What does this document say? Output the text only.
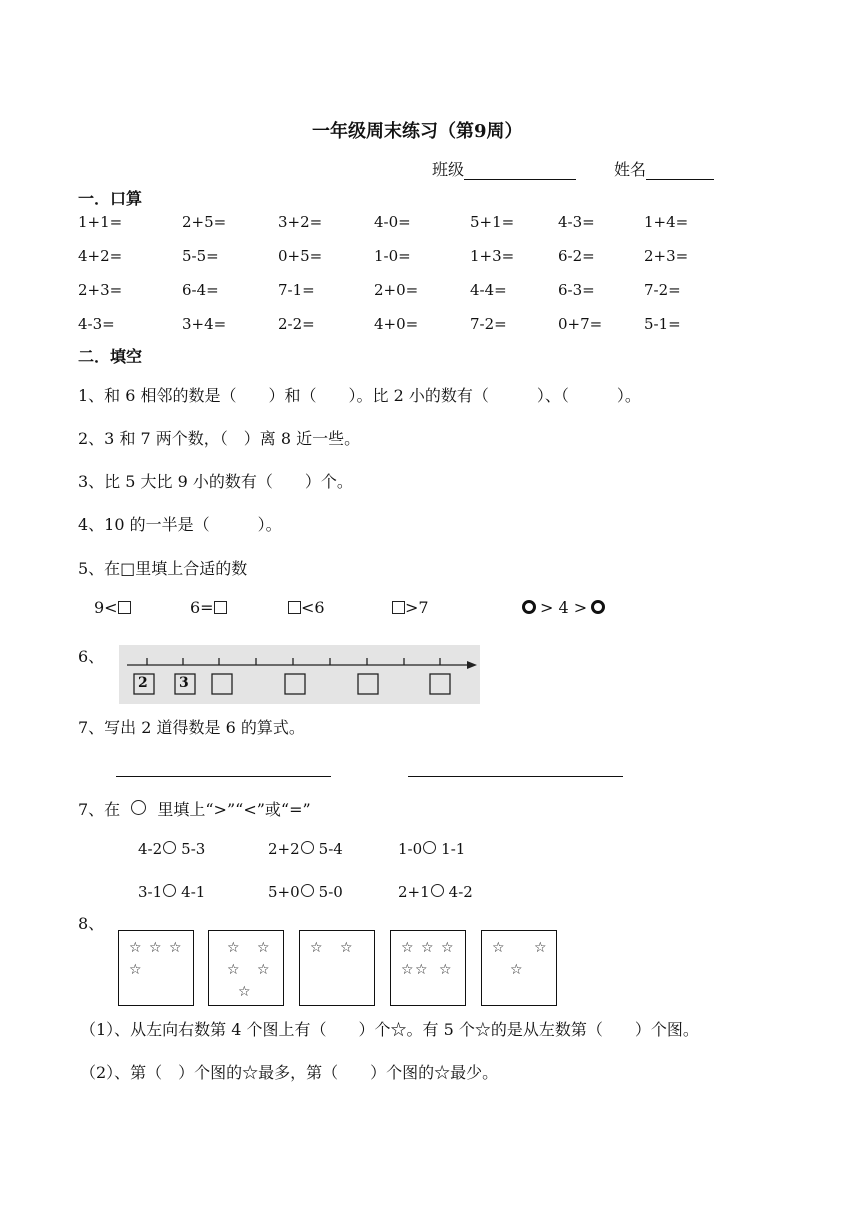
一年级周末练习（第9周）
班级	姓名
一．口算
1+1=	2+5=	3+2=	4-0=	5+1=	4-3=	1+4=
4+2=	5-5=	0+5=	1-0=	1+3=	6-2=	2+3=
2+3=	6-4=	7-1=	2+0=	4-4=	6-3=	7-2=
4-3=	3+4=	2-2=	4+0=	7-2=	0+7=	5-1=
二．填空
1、和 6 相邻的数是（　　）和（　　）。比 2 小的数有（　　　）、（　　　）。
2、3 和 7 两个数，（　）离 8 近一些。
3、比 5 大比 9 小的数有（　　）个。
4、10 的一半是（　　　）。
5、在□里填上合适的数
9<	6=	<6	>7	> 4 >
6、
2 3
7、写出 2 道得数是 6 的算式。
7、在 里填上“>”“<”或“=”
4-2 5-3	2+2 5-4	1-0 1-1
3-1 4-1	5+0 5-0	2+1 4-2
8、
☆ ☆ ☆
☆
☆ ☆
☆ ☆
☆
☆ ☆	☆ ☆ ☆
☆ ☆ ☆
☆ ☆
☆
（1）、从左向右数第 4 个图上有（　　）个☆。有 5 个☆的是从左数第（　　）个图。
（2）、第（　）个图的☆最多，第（　　）个图的☆最少。
